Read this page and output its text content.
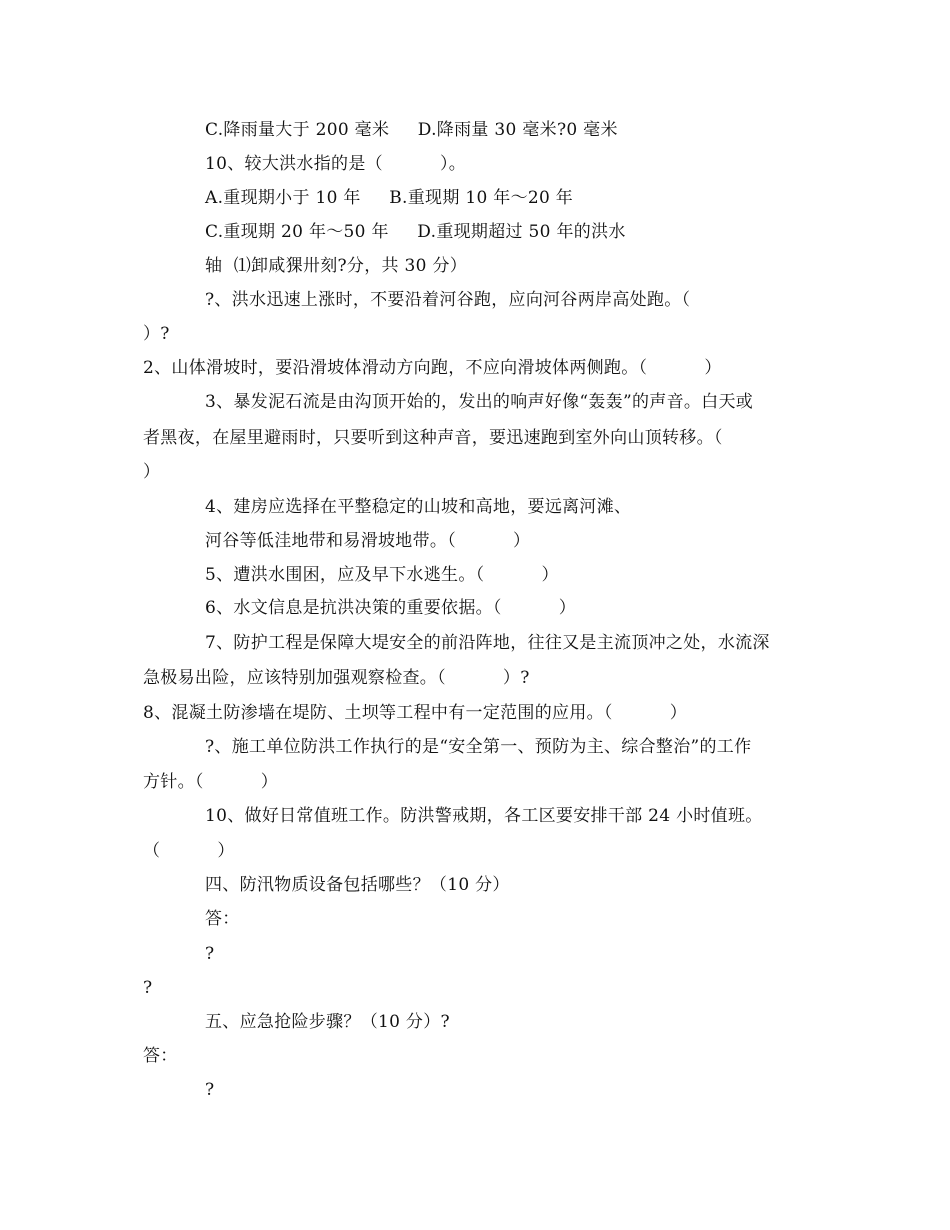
C.降雨量大于 200 毫米     D.降雨量 30 毫米?0 毫米
10、较大洪水指的是（          ）。
A.重现期小于 10 年     B.重现期 10 年～20 年
C.重现期 20 年～50 年     D.重现期超过 50 年的洪水
轴  ⑴卸咸猓卅刻?分，共 30 分）
?、洪水迅速上涨时，不要沿着河谷跑，应向河谷两岸高处跑。（
）?
2、山体滑坡时，要沿滑坡体滑动方向跑，不应向滑坡体两侧跑。（          ）
3、暴发泥石流是由沟顶开始的，发出的响声好像“轰轰”的声音。白天或
者黑夜，在屋里避雨时，只要听到这种声音，要迅速跑到室外向山顶转移。（
）
4、建房应选择在平整稳定的山坡和高地，要远离河滩、
河谷等低洼地带和易滑坡地带。（          ）
5、遭洪水围困，应及早下水逃生。（          ）
6、水文信息是抗洪决策的重要依据。（          ）
7、防护工程是保障大堤安全的前沿阵地，往往又是主流顶冲之处，水流深
急极易出险，应该特别加强观察检查。（          ）?
8、混凝土防渗墙在堤防、土坝等工程中有一定范围的应用。（          ）
?、施工单位防洪工作执行的是“安全第一、预防为主、综合整治”的工作
方针。（          ）
10、做好日常值班工作。防洪警戒期，各工区要安排干部 24 小时值班。
（          ）
四、防汛物质设备包括哪些？（10 分）
答：
?
?
五、应急抢险步骤？（10 分）?
答：
?
